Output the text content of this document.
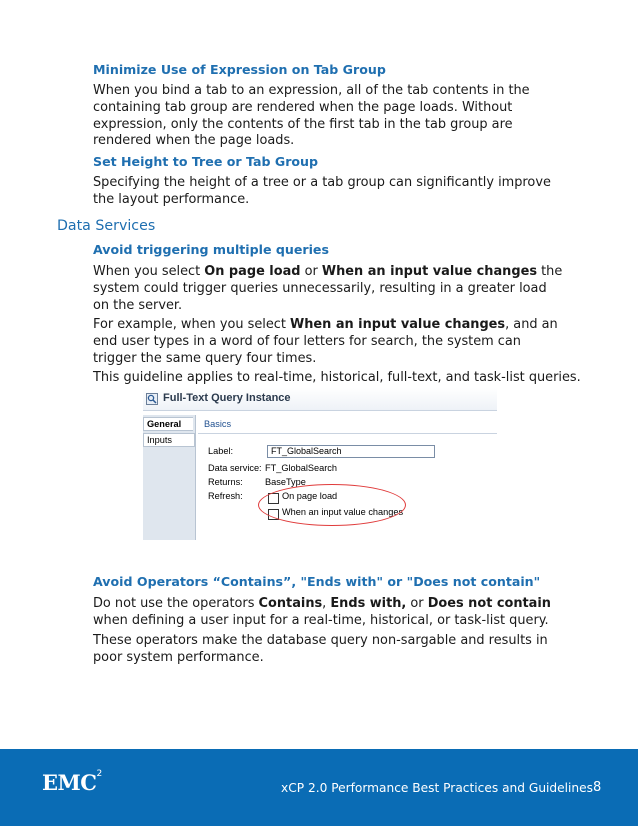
Minimize Use of Expression on Tab Group

When you bind a tab to an expression, all of the tab contents in the containing tab group are rendered when the page loads. Without expression, only the contents of the first tab in the tab group are rendered when the page loads.

Set Height to Tree or Tab Group

Specifying the height of a tree or a tab group can significantly improve the layout performance.

Data Services
Avoid triggering multiple queries

When you select On page load or When an input value changes the system could trigger queries unnecessarily, resulting in a greater load on the server.

For example, when you select When an input value changes, and an end user types in a word of four letters for search, the system can trigger the same query four times.

This guideline applies to real-time, historical, full-text, and task-list queries.

Full-Text Query Instance
General
Inputs
Basics
Label:	FT_GlobalSearch
Data service: FT_GlobalSearch
Returns: BaseType
Refresh:	On page load
When an input value changes
Avoid Operators “Contains”, "Ends with" or "Does not contain"

Do not use the operators Contains, Ends with, or Does not contain when defining a user input for a real-time, historical, or task-list query.

These operators make the database query non-sargable and results in poor system performance.

EMC$^2$
xCP 2.0 Performance Best Practices and Guidelines 8
